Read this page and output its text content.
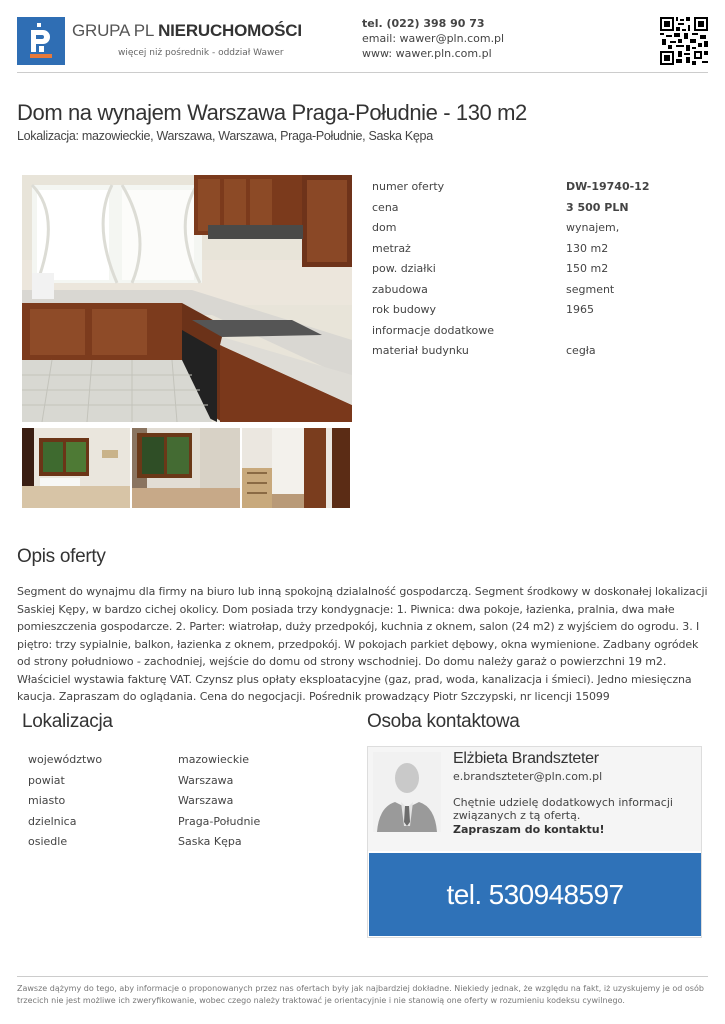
GRUPA PL NIERUCHOMOŚCI
więcej niż pośrednik - oddział Wawer
tel. (022) 398 90 73
email: wawer@pln.com.pl
www: wawer.pln.com.pl
Dom na wynajem Warszawa Praga-Południe - 130 m2
Lokalizacja: mazowieckie, Warszawa, Warszawa, Praga-Południe, Saska Kępa
numer oferty	DW-19740-12
cena	3 500 PLN
dom	wynajem,
metraż	130 m2
pow. działki	150 m2
zabudowa	segment
rok budowy	1965
informacje dodatkowe
materiał budynku	cegła
Opis oferty
Segment do wynajmu dla firmy na biuro lub inną spokojną dzialalność gospodarczą. Segment środkowy w doskonałej lokalizacji Saskiej Kępy, w bardzo cichej okolicy. Dom posiada trzy kondygnacje: 1. Piwnica: dwa pokoje, łazienka, pralnia, dwa małe pomieszczenia gospodarcze. 2. Parter: wiatrołap, duży przedpokój, kuchnia z oknem, salon (24 m2) z wyjściem do ogrodu. 3. I piętro: trzy sypialnie, balkon, łazienka z oknem, przedpokój. W pokojach parkiet dębowy, okna wymienione. Zadbany ogródek od strony południowo - zachodniej, wejście do domu od strony wschodniej. Do domu należy garaż o powierzchni 19 m2. Właściciel wystawia fakturę VAT. Czynsz plus opłaty eksploatacyjne (gaz, prad, woda, kanalizacja i śmieci). Jedno miesięczna kaucja. Zapraszam do oglądania. Cena do negocjacji. Pośrednik prowadzący Piotr Szczypski, nr licencji 15099
Lokalizacja
województwo	mazowieckie
powiat	Warszawa
miasto	Warszawa
dzielnica	Praga-Południe
osiedle	Saska Kępa
Osoba kontaktowa
Elżbieta Brandszteter
e.brandszteter@pln.com.pl
Chętnie udzielę dodatkowych informacji związanych z tą ofertą.
Zapraszam do kontaktu!
tel. 530948597
Zawsze dążymy do tego, aby informacje o proponowanych przez nas ofertach były jak najbardziej dokładne. Niekiedy jednak, że względu na fakt, iż uzyskujemy je od osób trzecich nie jest możliwe ich zweryfikowanie, wobec czego należy traktować je orientacyjnie i nie stanowią one oferty w rozumieniu kodeksu cywilnego.
